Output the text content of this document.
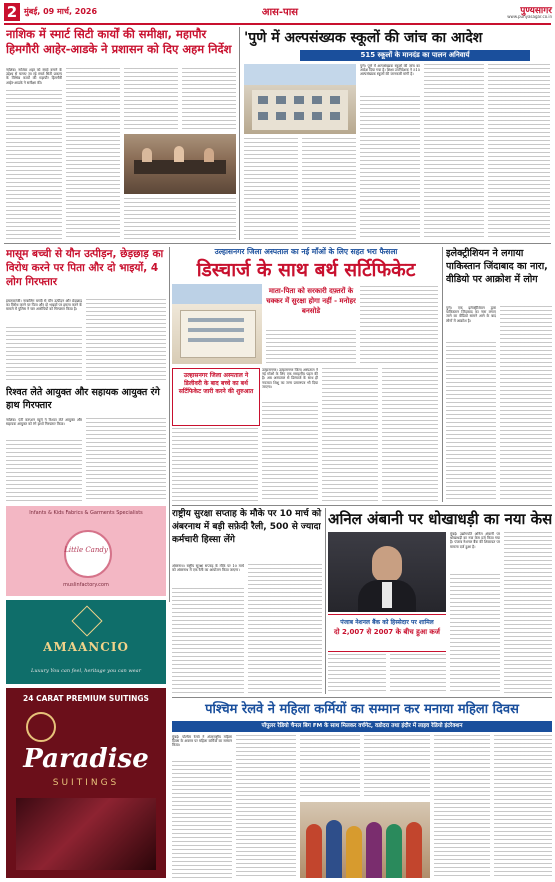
2 मुंबई, 09 मार्च, 2026	आस-पास	पुण्यसागर
www.punyasagar.co.in
नाशिक में स्मार्ट सिटी कार्यों की समीक्षा, महापौर हिमगौरी आहेर-आडके ने प्रशासन को दिए अहम निर्देश
नाशिक। नाशिक शहर को स्मार्ट बनाने के उद्देश्य से चलाए जा रहे स्मार्ट सिटी प्रकल्प के विभिन्न कार्यों की महापौर हिमगौरी आहेर-आडके ने समीक्षा की।
'पुणे में अल्पसंख्यक स्कूलों की जांच का आदेश
515 स्कूलों के मानदंड का पालन अनिवार्य
पुणे। पुणे में अल्पसंख्यक स्कूलों की जांच का आदेश दिया गया है। शिक्षा उपनिदेशक ने 515 अल्पसंख्यक स्कूलों की जानकारी मांगी है।
मासूम बच्ची से यौन उत्पीड़न, छेड़छाड़ का विरोध करने पर पिता और दो भाइयों, 4 लोग गिरफ्तार
इचलकरंजी। नाबालिग बच्ची से यौन उत्पीड़न और छेड़छाड़ का विरोध करने पर पिता और दो भाइयों पर हमला करने के मामले में पुलिस ने चार आरोपियों को गिरफ्तार किया है।
रिश्वत लेते आयुक्त और सहायक आयुक्त रंगे हाथ गिरफ्तार
नाशिक। एंटी करप्शन ब्यूरो ने रिश्वत लेते आयुक्त और सहायक आयुक्त को रंगे हाथों गिरफ्तार किया।
Infants & Kids Fabrics & Garments Specialists
Little Candy
muslinfactory.com
AMAANCIO
Luxury You can feel, heritage you can wear
24 CARAT PREMIUM SUITINGS
Paradise
SUITINGS
उल्हासनगर जिला अस्पताल का नई माँओं के लिए सहत भरा फैसला
डिस्चार्ज के साथ बर्थ सर्टिफिकेट
माता-पिता को सरकारी दफ़्तरों के चक्कर में सुरक्षा होगा नहीं - मनोहर बनसोडे
उल्हासनगर जिला अस्पताल ने डिलीवरी के बाद बच्चे का बर्थ सर्टिफिकेट जारी करने की शुरुआत
उल्हासनगर। उल्हासनगर जिला अस्पताल ने नई माँओं के लिए एक सराहनीय पहल की है। अब अस्पताल से डिस्चार्ज के साथ ही नवजात शिशु का जन्म प्रमाणपत्र भी दिया जाएगा।
इलेक्ट्रीशियन ने लगाया पाकिस्तान जिंदाबाद का नारा, वीडियो पर आक्रोश में लोग
पुणे। एक इलेक्ट्रीशियन द्वारा पाकिस्तान जिंदाबाद का नारा लगाए जाने का वीडियो सामने आने के बाद लोगों में आक्रोश है।
राष्ट्रीय सुरक्षा सप्ताह के मौके पर 10 मार्च को अंबरनाथ में बड़ी सफ़ेदी रैली, 500 से ज्यादा कर्मचारी हिस्सा लेंगे
अंबरनाथ। राष्ट्रीय सुरक्षा सप्ताह के मौके पर 10 मार्च को अंबरनाथ में एक रैली का आयोजन किया जाएगा।
अनिल अंबानी पर धोखाधड़ी का नया केस
पंजाब नेशनल बैंक को हिस्सेदार पर शामिल
दो 2,007 से 2007 के बीच हुआ कर्ज
मुंबई। उद्योगपति अनिल अंबानी पर धोखाधड़ी का नया केस दर्ज किया गया है। पंजाब नेशनल बैंक की शिकायत पर मामला दर्ज हुआ है।
पश्चिम रेलवे ने महिला कर्मियों का सम्मान कर मनाया महिला दिवस
पॉपुलर रेडियो चैनल बिग FM के साथ मिलकर वर्चगेट, वडोदरा तथा इंदौर में लाइव रेडियो इंटरेक्शन
मुंबई। पश्चिम रेलवे ने अंतरराष्ट्रीय महिला दिवस के अवसर पर महिला कर्मियों का सम्मान किया।
